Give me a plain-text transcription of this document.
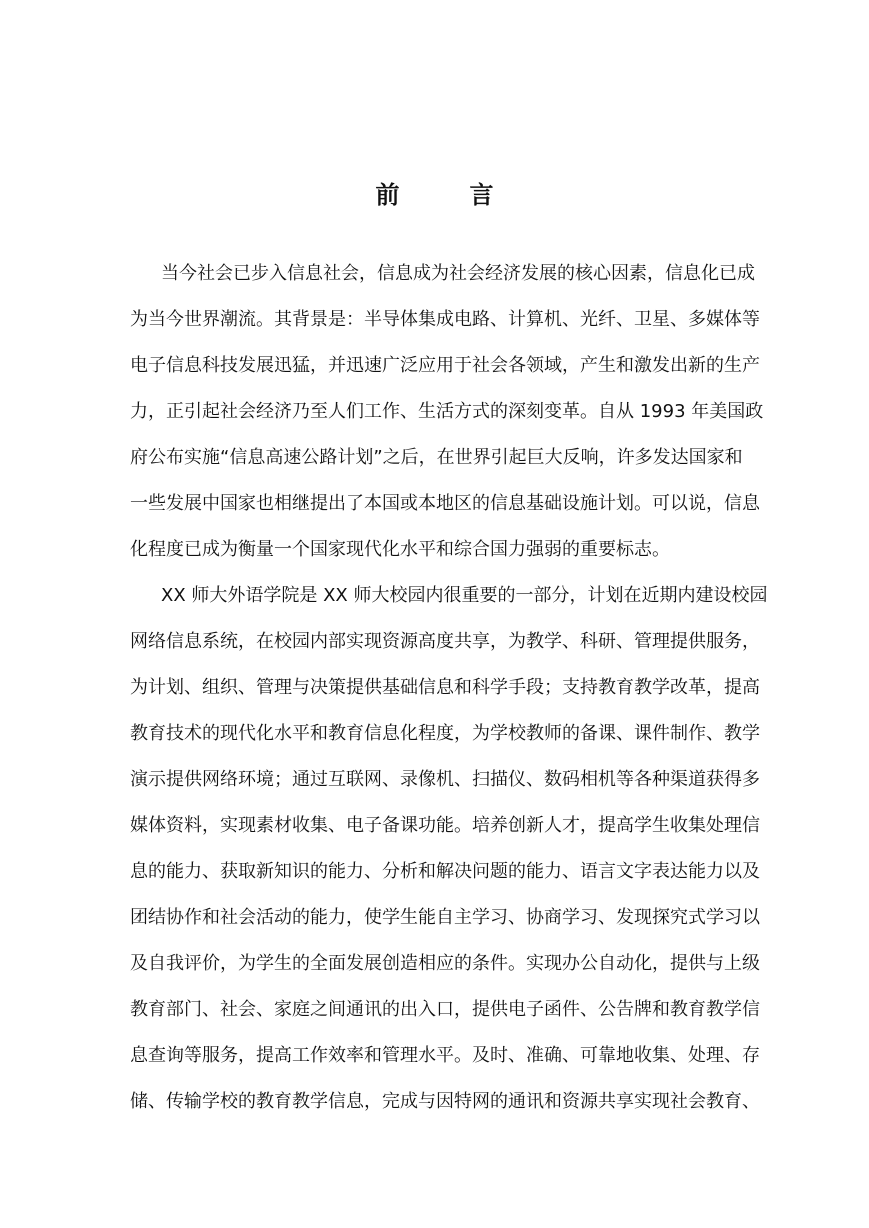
前	言
当今社会已步入信息社会，信息成为社会经济发展的核心因素，信息化已成
为当今世界潮流。其背景是：半导体集成电路、计算机、光纤、卫星、多媒体等
电子信息科技发展迅猛，并迅速广泛应用于社会各领域，产生和激发出新的生产
力，正引起社会经济乃至人们工作、生活方式的深刻变革。自从 1993 年美国政
府公布实施“信息高速公路计划”之后，在世界引起巨大反响，许多发达国家和
一些发展中国家也相继提出了本国或本地区的信息基础设施计划。可以说，信息
化程度已成为衡量一个国家现代化水平和综合国力强弱的重要标志。
XX 师大外语学院是 XX 师大校园内很重要的一部分，计划在近期内建设校园
网络信息系统，在校园内部实现资源高度共享，为教学、科研、管理提供服务，
为计划、组织、管理与决策提供基础信息和科学手段；支持教育教学改革，提高
教育技术的现代化水平和教育信息化程度，为学校教师的备课、课件制作、教学
演示提供网络环境；通过互联网、录像机、扫描仪、数码相机等各种渠道获得多
媒体资料，实现素材收集、电子备课功能。培养创新人才，提高学生收集处理信
息的能力、获取新知识的能力、分析和解决问题的能力、语言文字表达能力以及
团结协作和社会活动的能力，使学生能自主学习、协商学习、发现探究式学习以
及自我评价，为学生的全面发展创造相应的条件。实现办公自动化，提供与上级
教育部门、社会、家庭之间通讯的出入口，提供电子函件、公告牌和教育教学信
息查询等服务，提高工作效率和管理水平。及时、准确、可靠地收集、处理、存
储、传输学校的教育教学信息，完成与因特网的通讯和资源共享实现社会教育、
